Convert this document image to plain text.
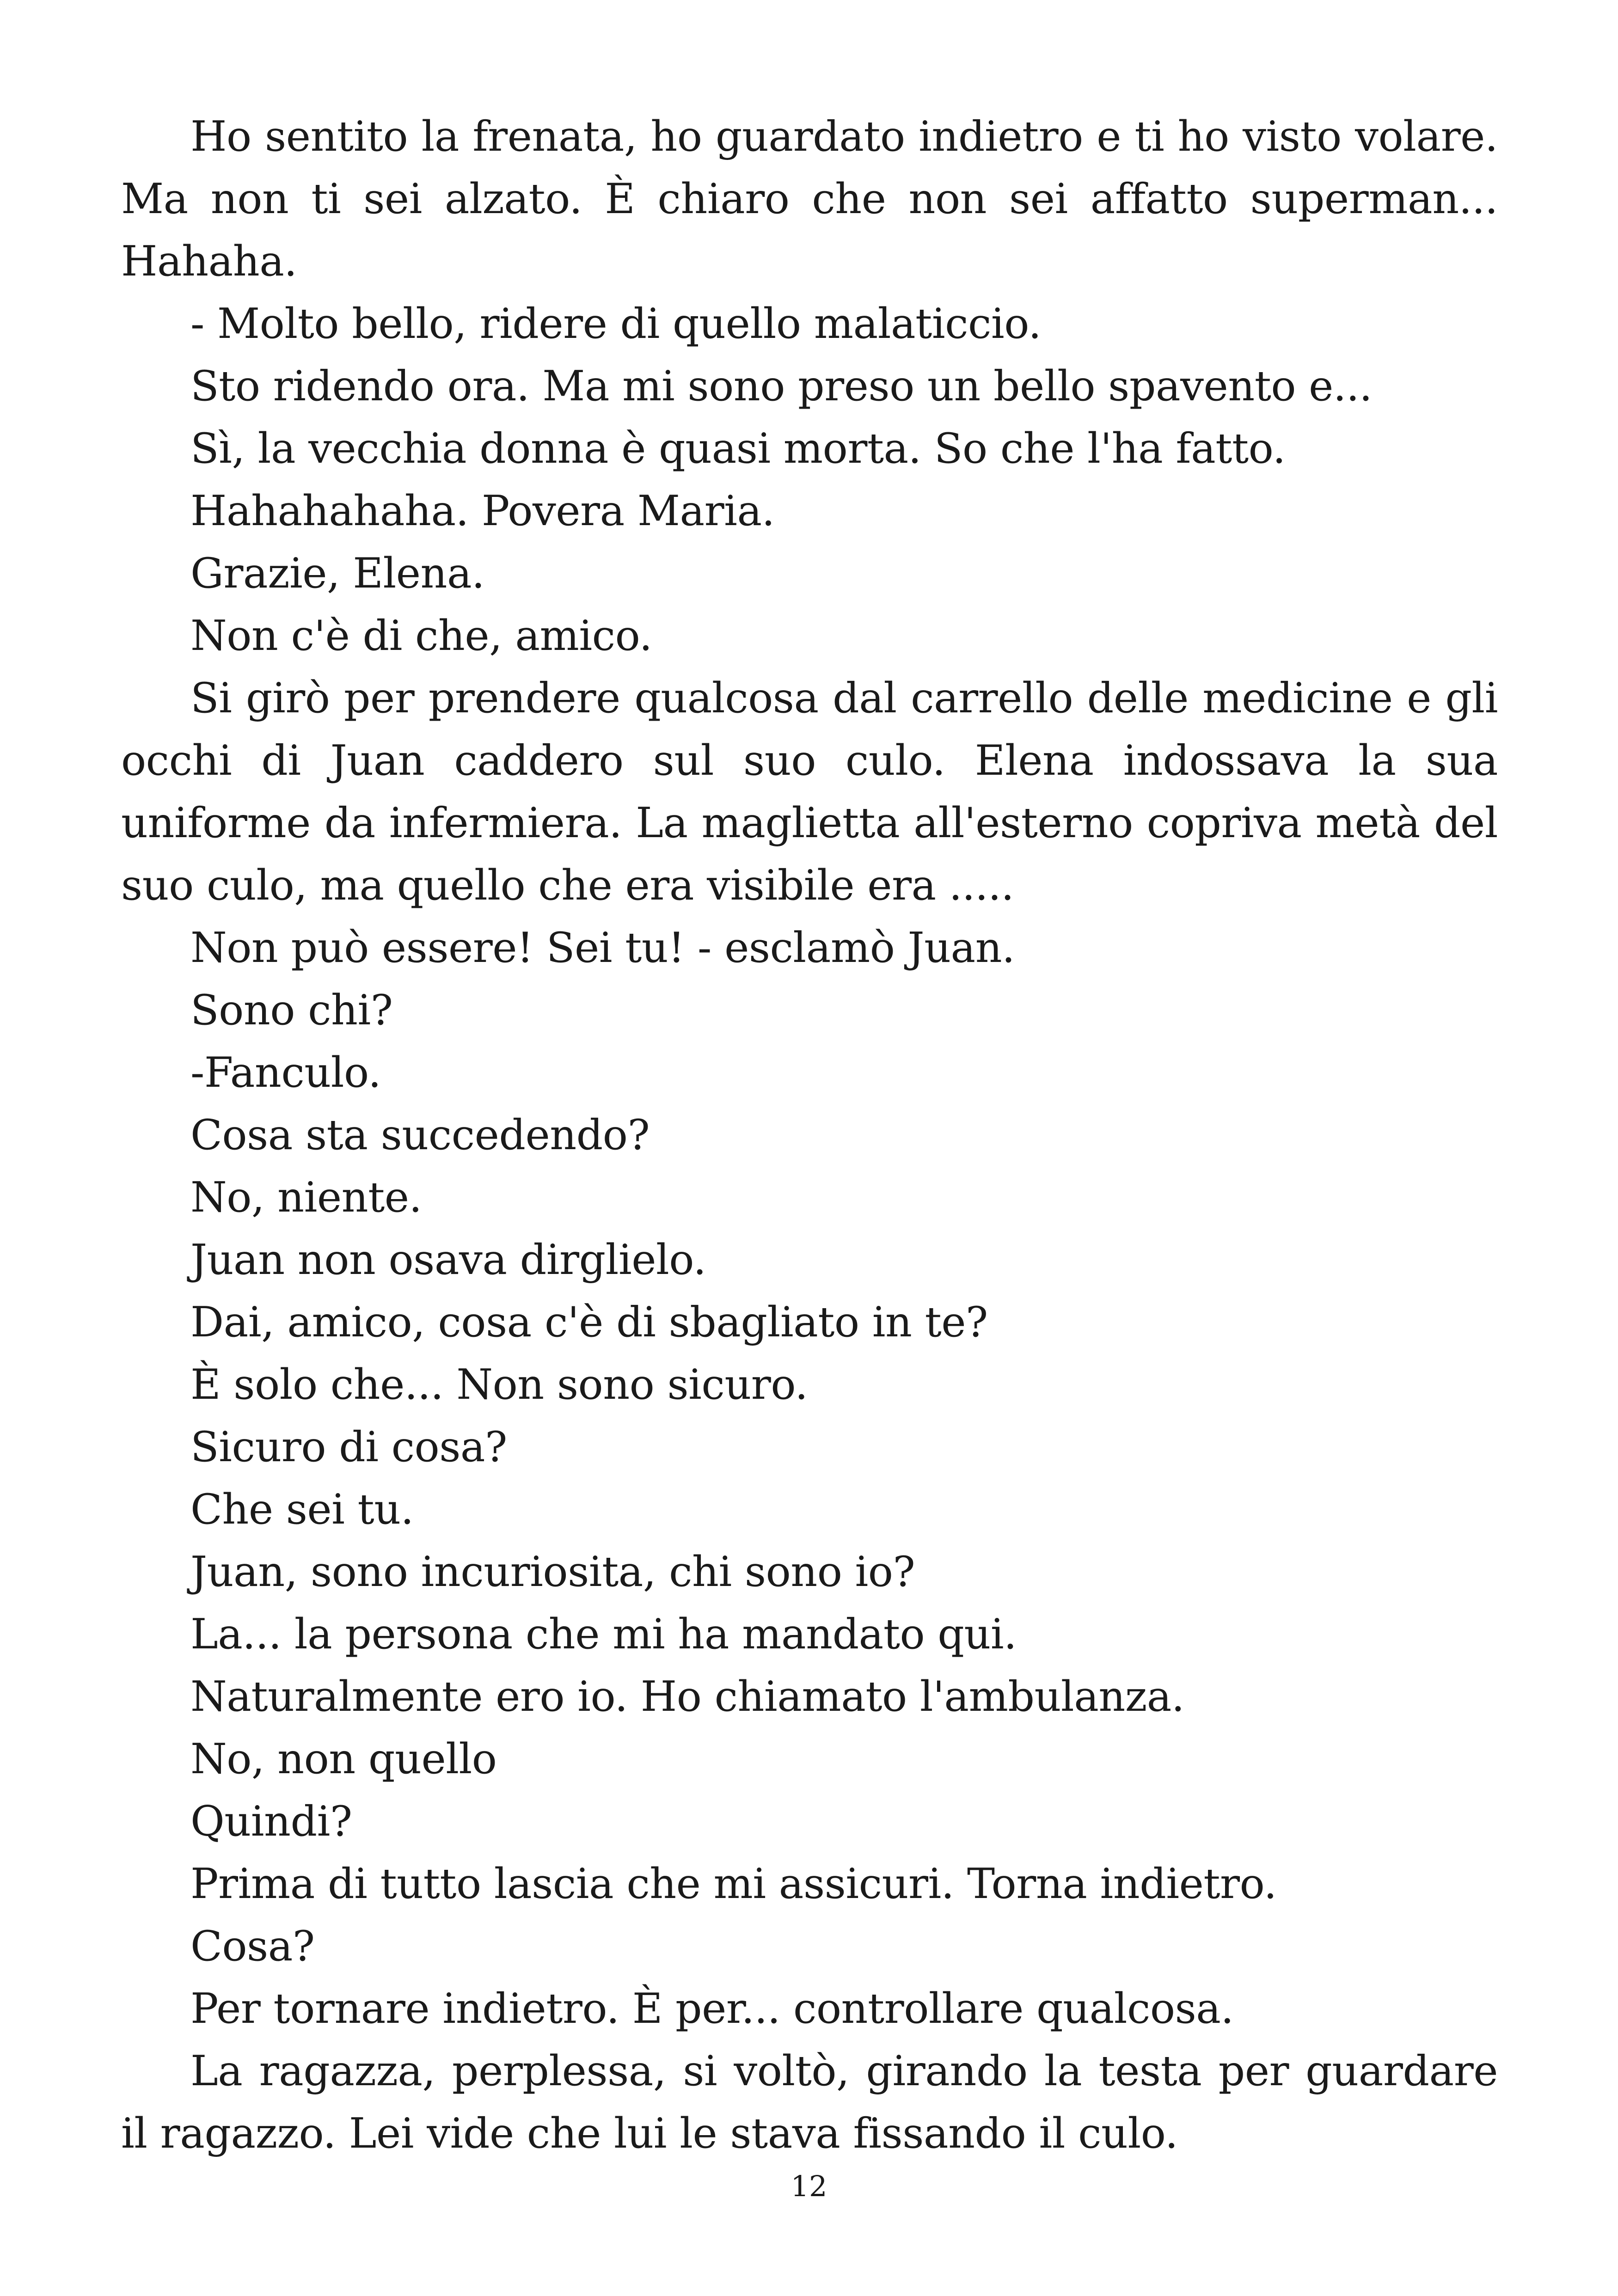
Ho sentito la frenata, ho guardato indietro e ti ho visto volare. Ma non ti sei alzato. È chiaro che non sei affatto superman... Hahaha.

- Molto bello, ridere di quello malaticcio.

Sto ridendo ora. Ma mi sono preso un bello spavento e...

Sì, la vecchia donna è quasi morta. So che l'ha fatto.

Hahahahaha. Povera Maria.

Grazie, Elena.

Non c'è di che, amico.

Si girò per prendere qualcosa dal carrello delle medicine e gli occhi di Juan caddero sul suo culo. Elena indossava la sua uniforme da infermiera. La maglietta all'esterno copriva metà del suo culo, ma quello che era visibile era .....

Non può essere! Sei tu! - esclamò Juan.

Sono chi?

-Fanculo.

Cosa sta succedendo?

No, niente.

Juan non osava dirglielo.

Dai, amico, cosa c'è di sbagliato in te?

È solo che... Non sono sicuro.

Sicuro di cosa?

Che sei tu.

Juan, sono incuriosita, chi sono io?

La... la persona che mi ha mandato qui.

Naturalmente ero io. Ho chiamato l'ambulanza.

No, non quello

Quindi?

Prima di tutto lascia che mi assicuri. Torna indietro.

Cosa?

Per tornare indietro. È per... controllare qualcosa.

La ragazza, perplessa, si voltò, girando la testa per guardare il ragazzo. Lei vide che lui le stava fissando il culo.

12
